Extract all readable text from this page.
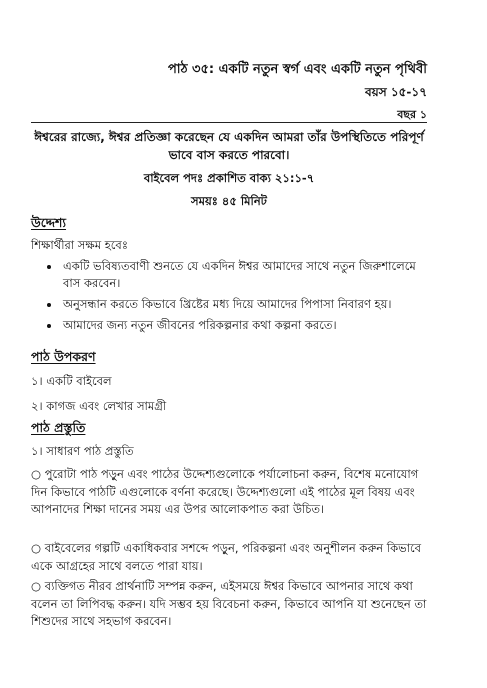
পাঠ ৩৫: একটি নতুন স্বর্গ এবং একটি নতুন পৃথিবী
বয়স ১৫-১৭
বছর ১
ঈশ্বরের রাজ্যে, ঈশ্বর প্রতিজ্ঞা করেছেন যে একদিন আমরা তাঁর উপস্থিতিতে পরিপূর্ণ ভাবে বাস করতে পারবো।
বাইবেল পদঃ প্রকাশিত বাক্য ২১:১-৭
সময়ঃ ৪৫ মিনিট
উদ্দেশ্য
শিক্ষার্থীরা সক্ষম হবেঃ
• একটি ভবিষ্যতবাণী শুনতে যে একদিন ঈশ্বর আমাদের সাথে নতুন জিরুশালেমে বাস করবেন।
• অনুসন্ধান করতে কিভাবে খ্রিষ্টের মধ্য দিয়ে আমাদের পিপাসা নিবারণ হয়।
• আমাদের জন্য নতুন জীবনের পরিকল্পনার কথা কল্পনা করতে।
পাঠ উপকরণ
১। একটি বাইবেল
২। কাগজ এবং লেখার সামগ্রী
পাঠ প্রস্তুতি
১। সাধারণ পাঠ প্রস্তুতি
○ পুরোটা পাঠ পড়ুন এবং পাঠের উদ্দেশ্যগুলোকে পর্যালোচনা করুন, বিশেষ মনোযোগ দিন কিভাবে পাঠটি এগুলোকে বর্ণনা করেছে। উদ্দেশ্যগুলো এই পাঠের মূল বিষয় এবং আপনাদের শিক্ষা দানের সময় এর উপর আলোকপাত করা উচিত।
○ বাইবেলের গল্পটি একাধিকবার সশব্দে পড়ুন, পরিকল্পনা এবং অনুশীলন করুন কিভাবে একে আগ্রহের সাথে বলতে পারা যায়।
○ ব্যক্তিগত নীরব প্রার্থনাটি সম্পন্ন করুন, এইসময়ে ঈশ্বর কিভাবে আপনার সাথে কথা বলেন তা লিপিবদ্ধ করুন। যদি সম্ভব হয় বিবেচনা করুন, কিভাবে আপনি যা শুনেছেন তা শিশুদের সাথে সহভাগ করবেন।
